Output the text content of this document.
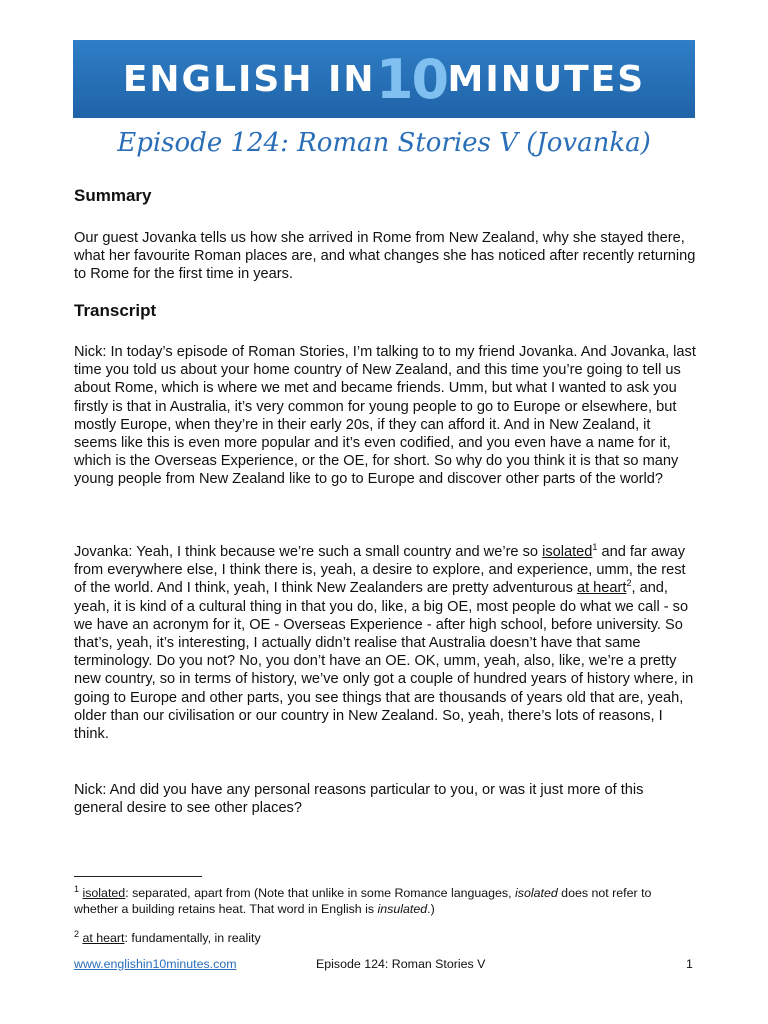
ENGLISH IN 10 MINUTES
Episode 124: Roman Stories V (Jovanka)
Summary

Our guest Jovanka tells us how she arrived in Rome from New Zealand, why she stayed there, what her favourite Roman places are, and what changes she has noticed after recently returning to Rome for the first time in years.

Transcript

Nick: In today’s episode of Roman Stories, I’m talking to to my friend Jovanka. And Jovanka, last time you told us about your home country of New Zealand, and this time you’re going to tell us about Rome, which is where we met and became friends. Umm, but what I wanted to ask you firstly is that in Australia, it’s very common for young people to go to Europe or elsewhere, but mostly Europe, when they’re in their early 20s, if they can afford it. And in New Zealand, it seems like this is even more popular and it’s even codified, and you even have a name for it, which is the Overseas Experience, or the OE, for short. So why do you think it is that so many young people from New Zealand like to go to Europe and discover other parts of the world?

Jovanka: Yeah, I think because we’re such a small country and we’re so isolated$^1$ and far away from everywhere else, I think there is, yeah, a desire to explore, and experience, umm, the rest of the world. And I think, yeah, I think New Zealanders are pretty adventurous at heart$^2$, and, yeah, it is kind of a cultural thing in that you do, like, a big OE, most people do what we call - so we have an acronym for it, OE - Overseas Experience - after high school, before university. So that’s, yeah, it’s interesting, I actually didn’t realise that Australia doesn’t have that same terminology. Do you not? No, you don’t have an OE. OK, umm, yeah, also, like, we’re a pretty new country, so in terms of history, we’ve only got a couple of hundred years of history where, in going to Europe and other parts, you see things that are thousands of years old that are, yeah, older than our civilisation or our country in New Zealand. So, yeah, there’s lots of reasons, I think.

Nick: And did you have any personal reasons particular to you, or was it just more of this general desire to see other places?

$^1$ isolated: separated, apart from (Note that unlike in some Romance languages, isolated does not refer to whether a building retains heat. That word in English is insulated.)

$^2$ at heart: fundamentally, in reality

www.englishin10minutes.com	Episode 124: Roman Stories V	1
